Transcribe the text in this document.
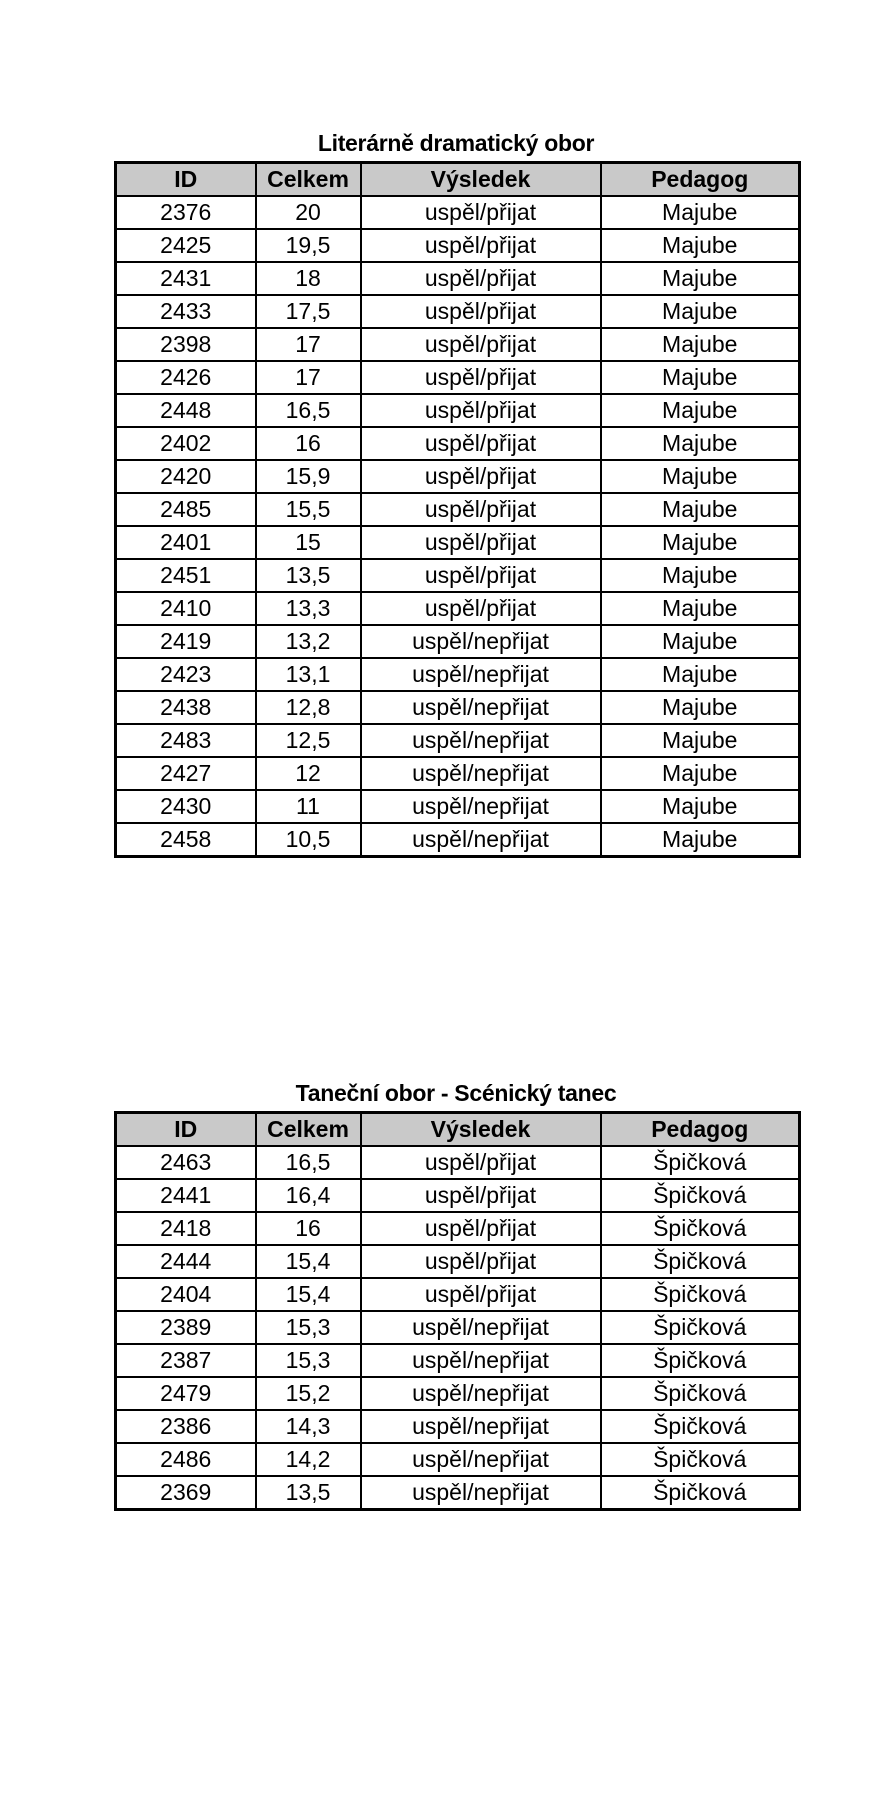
Literárně dramatický obor
ID	Celkem	Výsledek	Pedagog
2376	20	uspěl/přijat	Majube
2425	19,5	uspěl/přijat	Majube
2431	18	uspěl/přijat	Majube
2433	17,5	uspěl/přijat	Majube
2398	17	uspěl/přijat	Majube
2426	17	uspěl/přijat	Majube
2448	16,5	uspěl/přijat	Majube
2402	16	uspěl/přijat	Majube
2420	15,9	uspěl/přijat	Majube
2485	15,5	uspěl/přijat	Majube
2401	15	uspěl/přijat	Majube
2451	13,5	uspěl/přijat	Majube
2410	13,3	uspěl/přijat	Majube
2419	13,2	uspěl/nepřijat	Majube
2423	13,1	uspěl/nepřijat	Majube
2438	12,8	uspěl/nepřijat	Majube
2483	12,5	uspěl/nepřijat	Majube
2427	12	uspěl/nepřijat	Majube
2430	11	uspěl/nepřijat	Majube
2458	10,5	uspěl/nepřijat	Majube
Taneční obor - Scénický tanec
ID	Celkem	Výsledek	Pedagog
2463	16,5	uspěl/přijat	Špičková
2441	16,4	uspěl/přijat	Špičková
2418	16	uspěl/přijat	Špičková
2444	15,4	uspěl/přijat	Špičková
2404	15,4	uspěl/přijat	Špičková
2389	15,3	uspěl/nepřijat	Špičková
2387	15,3	uspěl/nepřijat	Špičková
2479	15,2	uspěl/nepřijat	Špičková
2386	14,3	uspěl/nepřijat	Špičková
2486	14,2	uspěl/nepřijat	Špičková
2369	13,5	uspěl/nepřijat	Špičková
